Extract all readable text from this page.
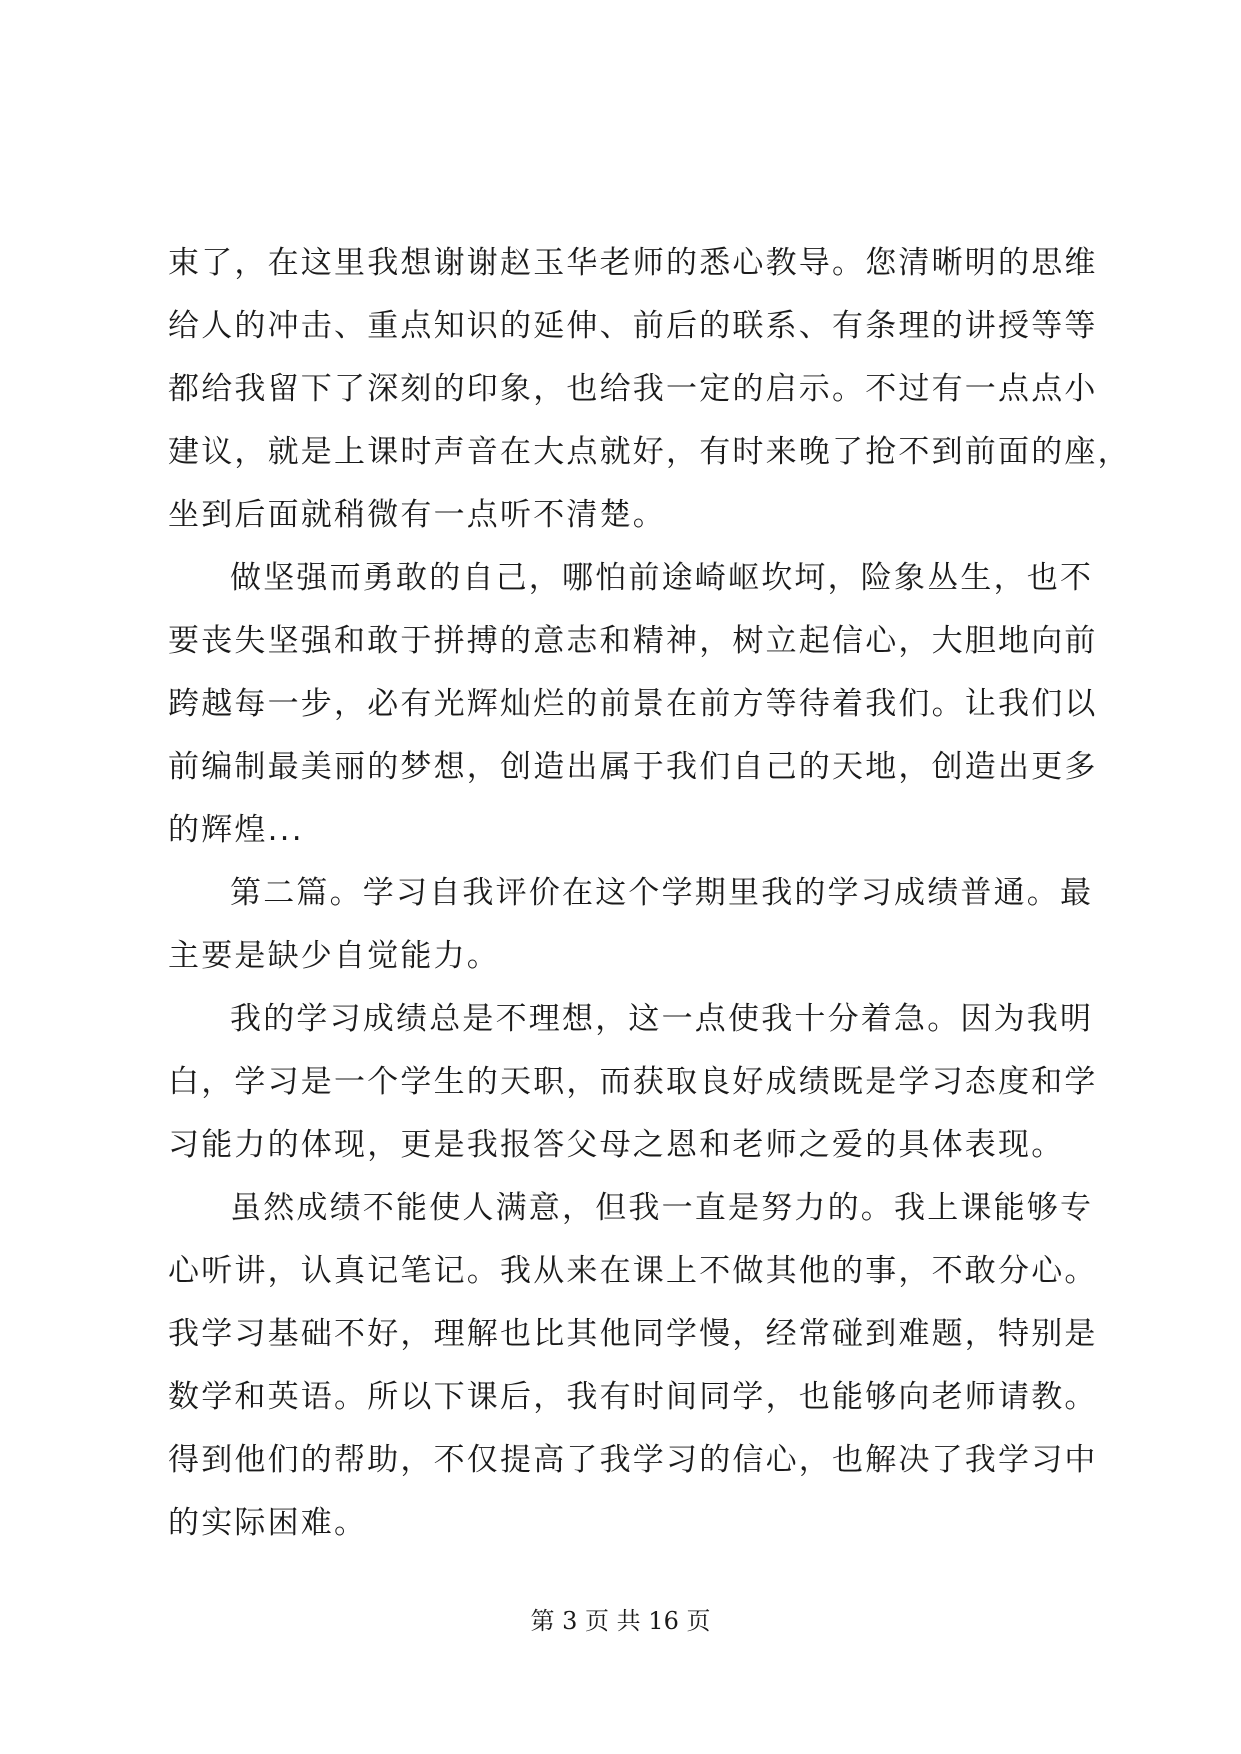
束了，在这里我想谢谢赵玉华老师的悉心教导。您清晰明的思维
给人的冲击、重点知识的延伸、前后的联系、有条理的讲授等等
都给我留下了深刻的印象，也给我一定的启示。不过有一点点小
建议，就是上课时声音在大点就好，有时来晚了抢不到前面的座，
坐到后面就稍微有一点听不清楚。
做坚强而勇敢的自己，哪怕前途崎岖坎坷，险象丛生，也不
要丧失坚强和敢于拼搏的意志和精神，树立起信心，大胆地向前
跨越每一步，必有光辉灿烂的前景在前方等待着我们。让我们以
前编制最美丽的梦想，创造出属于我们自己的天地，创造出更多
的辉煌...
第二篇。学习自我评价在这个学期里我的学习成绩普通。最
主要是缺少自觉能力。
我的学习成绩总是不理想，这一点使我十分着急。因为我明
白，学习是一个学生的天职，而获取良好成绩既是学习态度和学
习能力的体现，更是我报答父母之恩和老师之爱的具体表现。
虽然成绩不能使人满意，但我一直是努力的。我上课能够专
心听讲，认真记笔记。我从来在课上不做其他的事，不敢分心。
我学习基础不好，理解也比其他同学慢，经常碰到难题，特别是
数学和英语。所以下课后，我有时间同学，也能够向老师请教。
得到他们的帮助，不仅提高了我学习的信心，也解决了我学习中
的实际困难。
第 3 页 共 16 页
